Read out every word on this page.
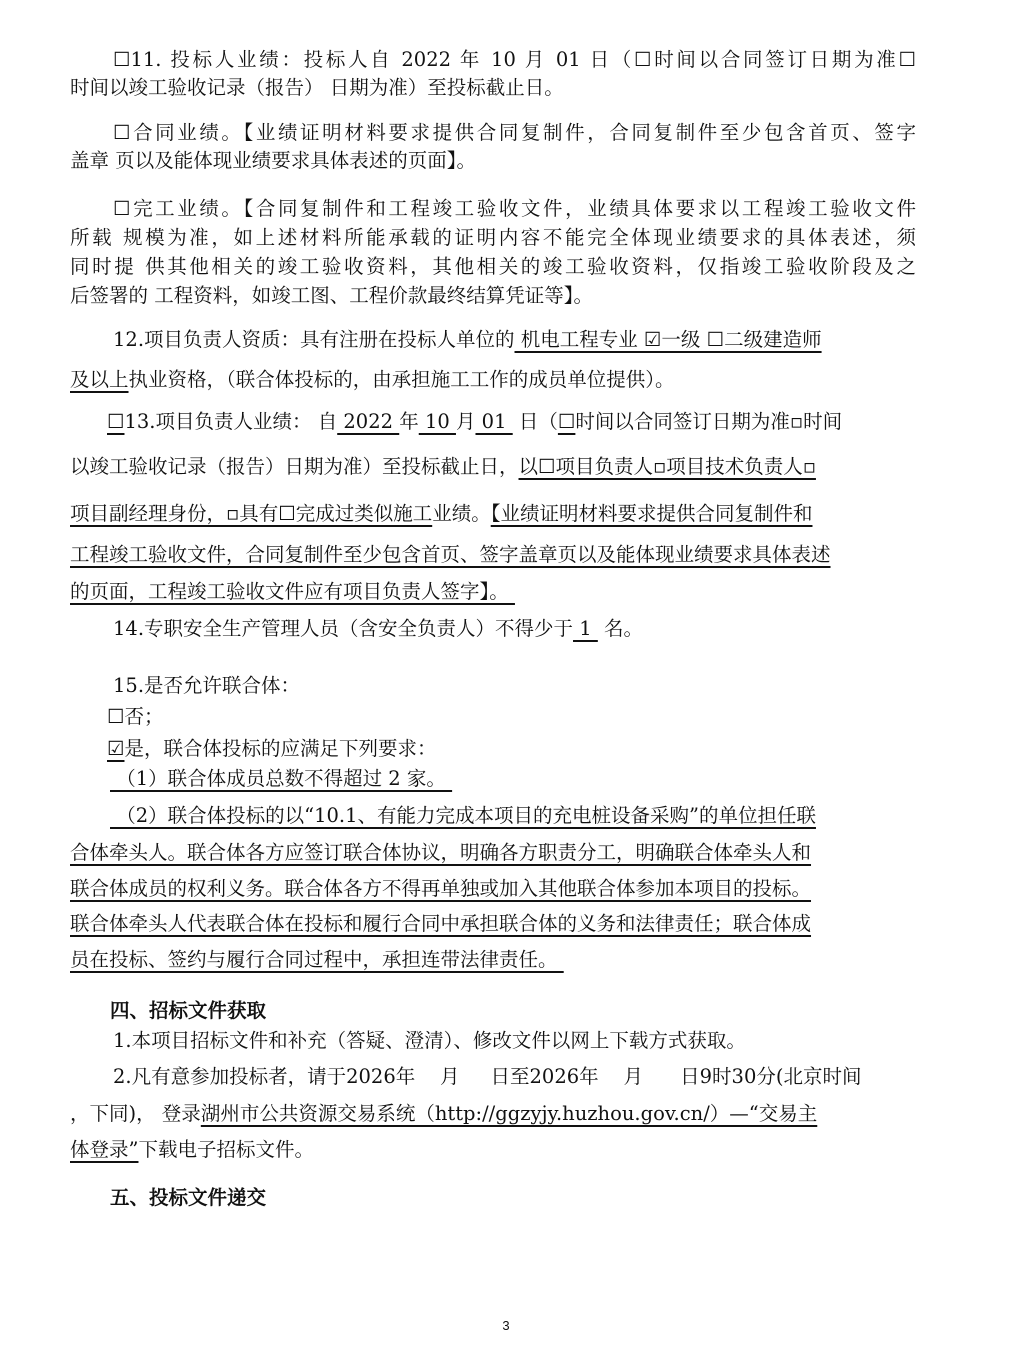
☐11. 投标人业绩：投标人自 2022 年 10 月 01 日（☐时间以合同签订日期为准☐
时间以竣工验收记录（报告） 日期为准）至投标截止日。
☐合同业绩。【业绩证明材料要求提供合同复制件，合同复制件至少包含首页、签字
盖章 页以及能体现业绩要求具体表述的页面】。
☐完工业绩。【合同复制件和工程竣工验收文件，业绩具体要求以工程竣工验收文件
所载 规模为准，如上述材料所能承载的证明内容不能完全体现业绩要求的具体表述，须
同时提 供其他相关的竣工验收资料，其他相关的竣工验收资料，仅指竣工验收阶段及之
后签署的 工程资料，如竣工图、工程价款最终结算凭证等】。
12.项目负责人资质：具有注册在投标人单位的 机电工程专业 ☑一级 ☐二级建造师
及以上执业资格，（联合体投标的，由承担施工工作的成员单位提供）。
☐13.项目负责人业绩： 自 2022 年 10 月 01  日（☐时间以合同签订日期为准▫时间
以竣工验收记录（报告）日期为准）至投标截止日，以☐项目负责人▫项目技术负责人▫
项目副经理身份，▫具有☐完成过类似施工业绩。【业绩证明材料要求提供合同复制件和
工程竣工验收文件，合同复制件至少包含首页、签字盖章页以及能体现业绩要求具体表述
的页面，工程竣工验收文件应有项目负责人签字】。
14.专职安全生产管理人员（含安全负责人）不得少于 1  名。
15.是否允许联合体：
☐否；
☑是，联合体投标的应满足下列要求：
（1）联合体成员总数不得超过 2 家。
（2）联合体投标的以“10.1、有能力完成本项目的充电桩设备采购”的单位担任联
合体牵头人。联合体各方应签订联合体协议，明确各方职责分工，明确联合体牵头人和
联合体成员的权利义务。联合体各方不得再单独或加入其他联合体参加本项目的投标。
联合体牵头人代表联合体在投标和履行合同中承担联合体的义务和法律责任；联合体成
员在投标、签约与履行合同过程中，承担连带法律责任。
四、招标文件获取
1.本项目招标文件和补充（答疑、澄清）、修改文件以网上下载方式获取。
2.凡有意参加投标者，请于2026年    月     日至2026年    月      日9时30分(北京时间
，下同)， 登录湖州市公共资源交易系统（http://ggzyjy.huzhou.gov.cn/）—“交易主
体登录”下载电子招标文件。
五、投标文件递交
3
